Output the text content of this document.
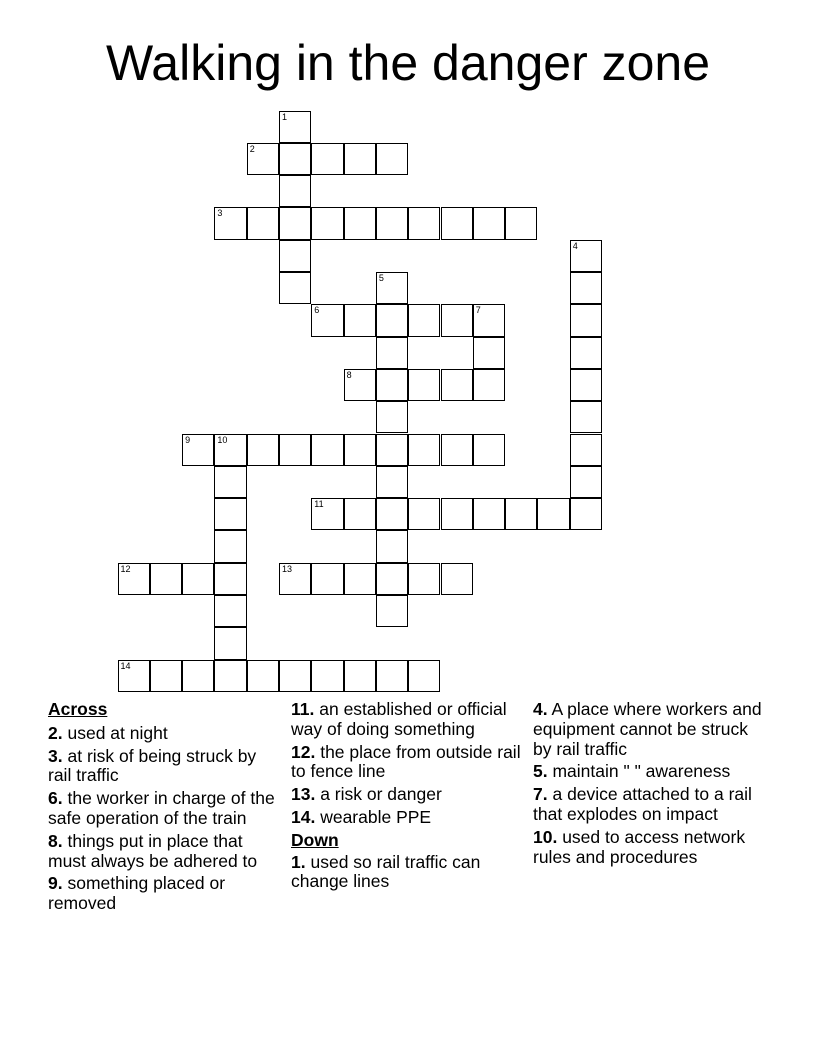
Walking in the danger zone
1
2
3
4
5
6	7
8
9	10
11
12	13
14
Across
2. used at night
3. at risk of being struck by rail traffic
6. the worker in charge of the safe operation of the train
8. things put in place that must always be adhered to
9. something placed or removed
11. an established or official way of doing something
12. the place from outside rail to fence line
13. a risk or danger
14. wearable PPE
Down
1. used so rail traffic can change lines
4. A place where workers and equipment cannot be struck by rail traffic
5. maintain " " awareness
7. a device attached to a rail that explodes on impact
10. used to access network rules and procedures
